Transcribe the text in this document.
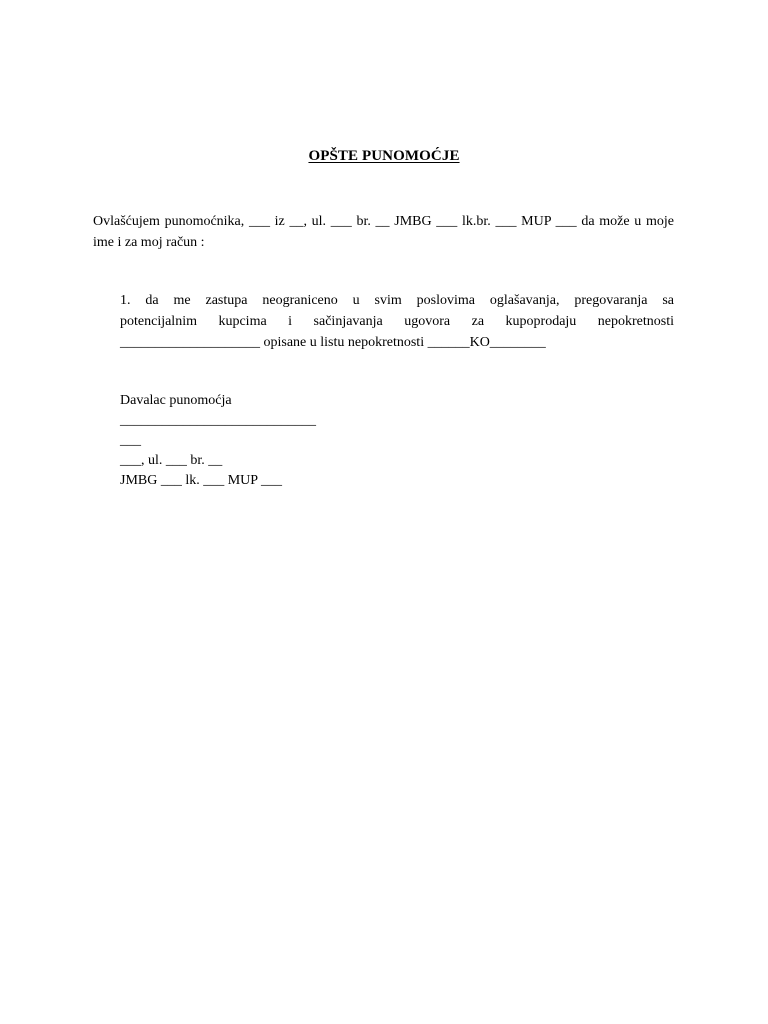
OPŠTE PUNOMOĆJE
Ovlašćujem punomoćnika, ___ iz __, ul. ___ br. __ JMBG ___ lk.br. ___ MUP ___ da može u moje ime i za moj račun :
1. da me zastupa neograniceno u svim poslovima oglašavanja, pregovaranja sa
potencijalnim kupcima i sačinjavanja ugovora za kupoprodaju nepokretnosti
____________________ opisane u listu nepokretnosti ______KO________
Davalac punomoćja
____________________________
___
___, ul. ___ br. __
JMBG ___ lk. ___ MUP ___
